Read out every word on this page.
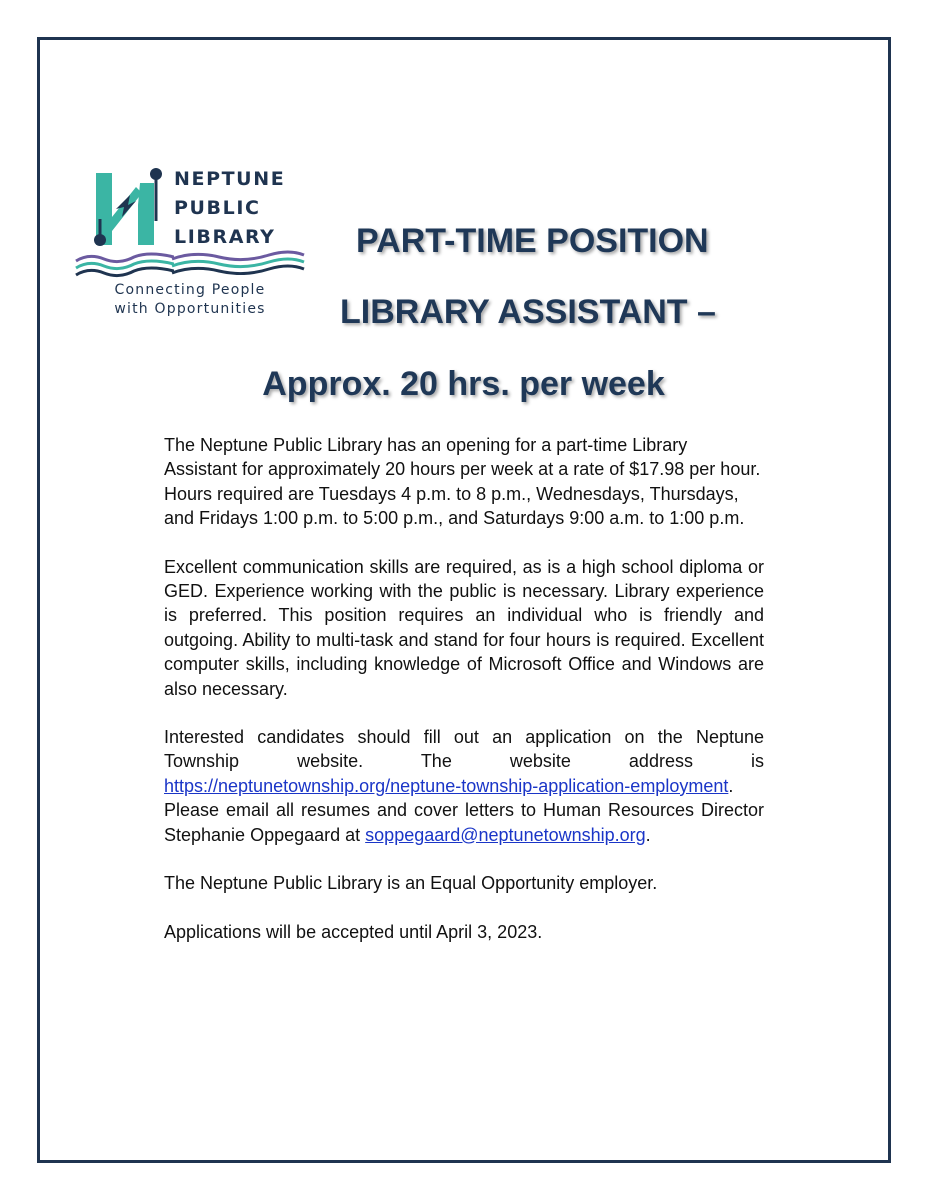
NEPTUNE
PUBLIC
LIBRARY
Connecting People
with Opportunities
PART-TIME POSITION
LIBRARY ASSISTANT –
Approx. 20 hrs. per week

The Neptune Public Library has an opening for a part-time Library Assistant for approximately 20 hours per week at a rate of $17.98 per hour. Hours required are Tuesdays 4 p.m. to 8 p.m., Wednesdays, Thursdays, and Fridays 1:00 p.m. to 5:00 p.m., and Saturdays 9:00 a.m. to 1:00 p.m.

Excellent communication skills are required, as is a high school diploma or GED. Experience working with the public is necessary. Library experience is preferred. This position requires an individual who is friendly and outgoing. Ability to multi-task and stand for four hours is required. Excellent computer skills, including knowledge of Microsoft Office and Windows are also necessary.

Interested candidates should fill out an application on the Neptune Township website. The website address is https://neptunetownship.org/neptune-township-application-employment. Please email all resumes and cover letters to Human Resources Director Stephanie Oppegaard at soppegaard@neptunetownship.org.

The Neptune Public Library is an Equal Opportunity employer.

Applications will be accepted until April 3, 2023.
